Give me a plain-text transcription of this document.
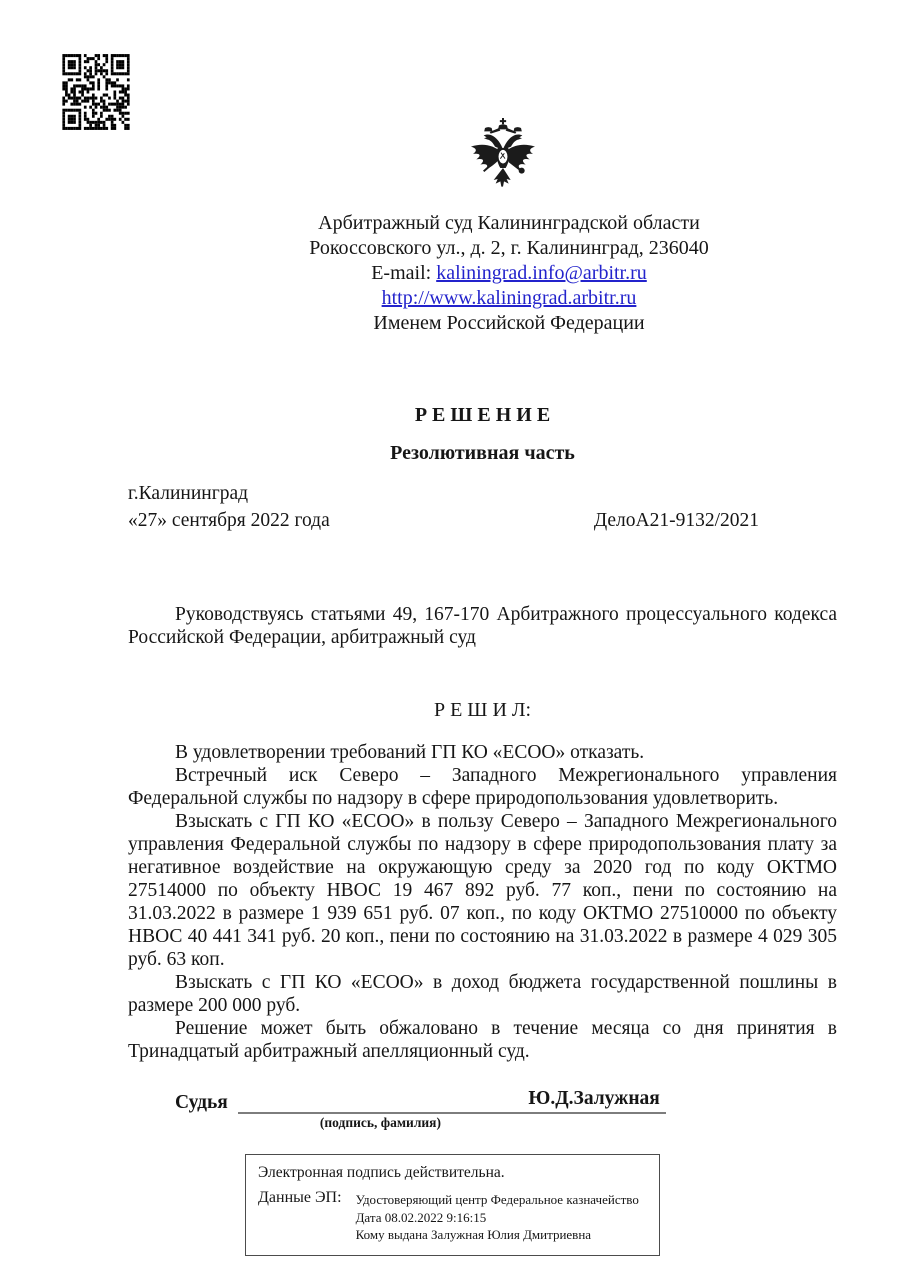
Арбитражный суд Калининградской области
Рокоссовского ул., д. 2, г. Калининград, 236040
E-mail: kaliningrad.info@arbitr.ru
http://www.kaliningrad.arbitr.ru
Именем Российской Федерации
Р Е Ш Е Н И Е
Резолютивная часть
г.Калининград
«27» сентября 2022 года	ДелоА21-9132/2021

Руководствуясь статьями 49, 167-170 Арбитражного процессуального кодекса Российской Федерации, арбитражный суд

Р Е Ш И Л:

В удовлетворении требований ГП КО «ЕСОО» отказать.

Встречный иск Северо – Западного Межрегионального управления Федеральной службы по надзору в сфере природопользования удовлетворить.

Взыскать с ГП КО «ЕСОО» в пользу Северо – Западного Межрегионального управления Федеральной службы по надзору в сфере природопользования плату за негативное воздействие на окружающую среду за 2020 год по коду ОКТМО 27514000 по объекту НВОС 19 467 892 руб. 77 коп., пени по состоянию на 31.03.2022 в размере 1 939 651 руб. 07 коп., по коду ОКТМО 27510000 по объекту НВОС 40 441 341 руб. 20 коп., пени по состоянию на 31.03.2022 в размере 4 029 305 руб. 63 коп.

Взыскать с ГП КО «ЕСОО» в доход бюджета государственной пошлины в размере 200 000 руб.

Решение может быть обжаловано в течение месяца со дня принятия в Тринадцатый арбитражный апелляционный суд.

Судья	Ю.Д.Залужная
(подпись, фамилия)
Электронная подпись действительна.
Данные ЭП: Удостоверяющий центр Федеральное казначейство
Дата 08.02.2022 9:16:15
Кому выдана Залужная Юлия Дмитриевна
